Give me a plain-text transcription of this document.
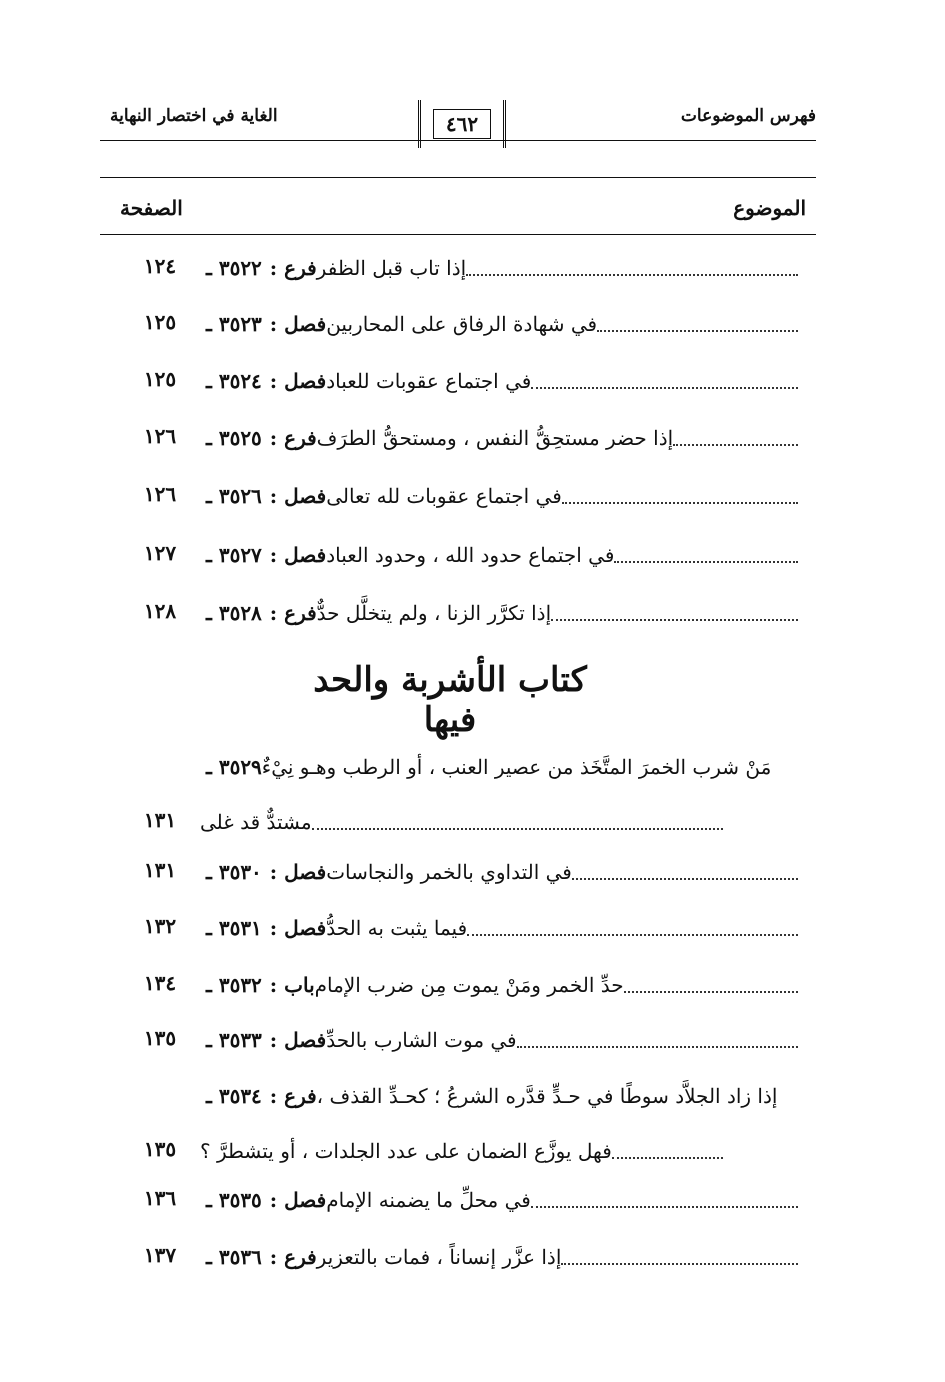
فهرس الموضوعات
٤٦٢
الغاية في اختصار النهاية
الموضوع
الصفحة
٣٥٢٢ ـ فرع : إذا تاب قبل الظفر
١٢٤
٣٥٢٣ ـ فصل : في شهادة الرفاق على المحاربين
١٢٥
٣٥٢٤ ـ فصل : في اجتماع عقوبات للعباد
١٢٥
٣٥٢٥ ـ فرع : إذا حضر مستحِقُّ النفس ، ومستحقُّ الطرَف
١٢٦
٣٥٢٦ ـ فصل : في اجتماع عقوبات لله تعالى
١٢٦
٣٥٢٧ ـ فصل : في اجتماع حدود الله ، وحدود العباد
١٢٧
٣٥٢٨ ـ فرع : إذا تكرَّر الزنا ، ولم يتخلَّل حدٌّ
١٢٨
كتاب الأشربة والحد فيها
٣٥٢٩ ـ مَنْ شرب الخمرَ المتَّخَذ من عصير العنب ، أو الرطب وهـو نِيْءٌ
مشتدٌّ قد غلى
١٣١
٣٥٣٠ ـ فصل : في التداوي بالخمر والنجاسات
١٣١
٣٥٣١ ـ فصل : فيما يثبت به الحدُّ
١٣٢
٣٥٣٢ ـ باب : حدِّ الخمر ومَنْ يموت مِن ضرب الإمام
١٣٤
٣٥٣٣ ـ فصل : في موت الشارب بالحدِّ
١٣٥
٣٥٣٤ ـ فرع : إذا زاد الجلاَّد سوطًا في حـدٍّ قدَّره الشرعُ ؛ كحـدِّ القذف ،
فهل يوزَّع الضمان على عدد الجلدات ، أو يتشطرَّ ؟
١٣٥
٣٥٣٥ ـ فصل : في محلِّ ما يضمنه الإمام
١٣٦
٣٥٣٦ ـ فرع : إذا عزَّر إنساناً ، فمات بالتعزير
١٣٧
